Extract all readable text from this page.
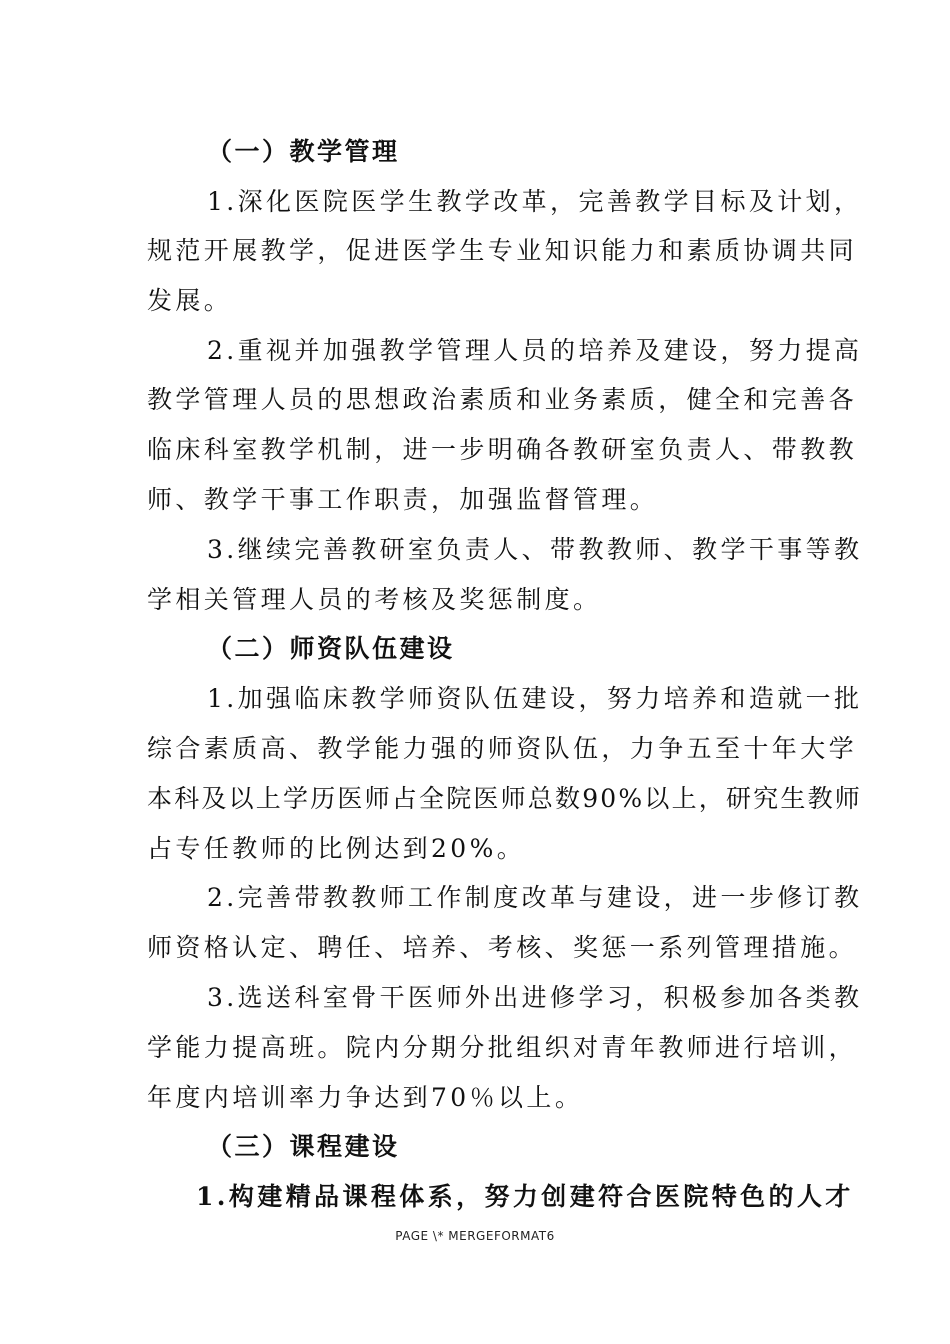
（一）教学管理
1.深化医院医学生教学改革，完善教学目标及计划，
规范开展教学，促进医学生专业知识能力和素质协调共同
发展。
2.重视并加强教学管理人员的培养及建设，努力提高
教学管理人员的思想政治素质和业务素质，健全和完善各
临床科室教学机制，进一步明确各教研室负责人、带教教
师、教学干事工作职责，加强监督管理。
3.继续完善教研室负责人、带教教师、教学干事等教
学相关管理人员的考核及奖惩制度。
（二）师资队伍建设
1.加强临床教学师资队伍建设，努力培养和造就一批
综合素质高、教学能力强的师资队伍，力争五至十年大学
本科及以上学历医师占全院医师总数90%以上，研究生教师
占专任教师的比例达到20%。
2.完善带教教师工作制度改革与建设，进一步修订教
师资格认定、聘任、培养、考核、奖惩一系列管理措施。
3.选送科室骨干医师外出进修学习，积极参加各类教
学能力提高班。院内分期分批组织对青年教师进行培训，
年度内培训率力争达到70％以上。
（三）课程建设
1.构建精品课程体系，努力创建符合医院特色的人才
PAGE \* MERGEFORMAT6
